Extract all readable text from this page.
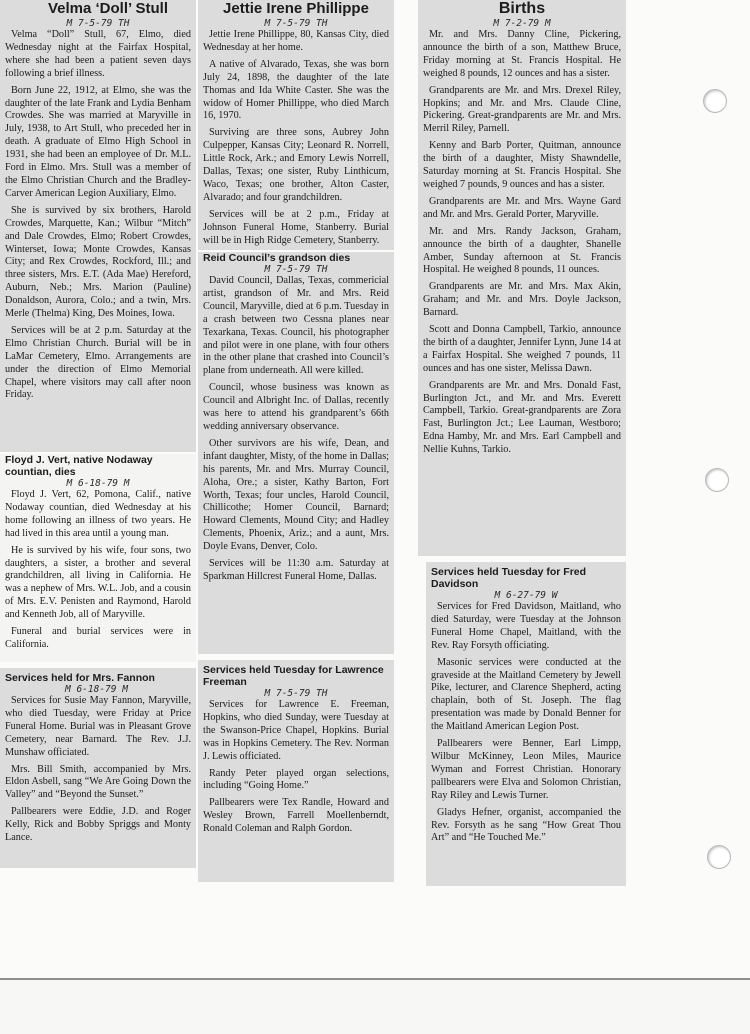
Velma ‘Doll’ Stull
M 7-5-79 TH

Velma “Doll” Stull, 67, Elmo, died Wednesday night at the Fairfax Hospital, where she had been a patient seven days following a brief illness.

Born June 22, 1912, at Elmo, she was the daughter of the late Frank and Lydia Benham Crowdes. She was married at Maryville in July, 1938, to Art Stull, who preceded her in death. A graduate of Elmo High School in 1931, she had been an employee of Dr. M.L. Ford in Elmo. Mrs. Stull was a member of the Elmo Christian Church and the Bradley-Carver American Legion Auxiliary, Elmo.

She is survived by six brothers, Harold Crowdes, Marquette, Kan.; Wilbur “Mitch” and Dale Crowdes, Elmo; Robert Crowdes, Winterset, Iowa; Monte Crowdes, Kansas City; and Rex Crowdes, Rockford, Ill.; and three sisters, Mrs. E.T. (Ada Mae) Hereford, Auburn, Neb.; Mrs. Marion (Pauline) Donaldson, Aurora, Colo.; and a twin, Mrs. Merle (Thelma) King, Des Moines, Iowa.

Services will be at 2 p.m. Saturday at the Elmo Christian Church. Burial will be in LaMar Cemetery, Elmo. Arrangements are under the direction of Elmo Memorial Chapel, where visitors may call after noon Friday.

Floyd J. Vert, native Nodaway countian, dies
M 6-18-79 M

Floyd J. Vert, 62, Pomona, Calif., native Nodaway countian, died Wednesday at his home following an illness of two years. He had lived in this area until a young man.

He is survived by his wife, four sons, two daughters, a sister, a brother and several grandchildren, all living in California. He was a nephew of Mrs. W.L. Job, and a cousin of Mrs. E.V. Penisten and Raymond, Harold and Kenneth Job, all of Maryville.

Funeral and burial services were in California.

Services held for Mrs. Fannon
M 6-18-79 M

Services for Susie May Fannon, Maryville, who died Tuesday, were Friday at Price Funeral Home. Burial was in Pleasant Grove Cemetery, near Barnard. The Rev. J.J. Munshaw officiated.

Mrs. Bill Smith, accompanied by Mrs. Eldon Asbell, sang “We Are Going Down the Valley” and “Beyond the Sunset.”

Pallbearers were Eddie, J.D. and Roger Kelly, Rick and Bobby Spriggs and Monty Lance.

Jettie Irene Phillippe
M 7-5-79 TH

Jettie Irene Phillippe, 80, Kansas City, died Wednesday at her home.

A native of Alvarado, Texas, she was born July 24, 1898, the daughter of the late Thomas and Ida White Caster. She was the widow of Homer Phillippe, who died March 16, 1970.

Surviving are three sons, Aubrey John Culpepper, Kansas City; Leonard R. Norrell, Little Rock, Ark.; and Emory Lewis Norrell, Dallas, Texas; one sister, Ruby Linthicum, Waco, Texas; one brother, Alton Caster, Alvarado; and four grandchildren.

Services will be at 2 p.m., Friday at Johnson Funeral Home, Stanberry. Burial will be in High Ridge Cemetery, Stanberry.

Reid Council’s grandson dies
M 7-5-79 TH

David Council, Dallas, Texas, commericial artist, grandson of Mr. and Mrs. Reid Council, Maryville, died at 6 p.m. Tuesday in a crash between two Cessna planes near Texarkana, Texas. Council, his photographer and pilot were in one plane, with four others in the other plane that crashed into Council’s plane from underneath. All were killed.

Council, whose business was known as Council and Albright Inc. of Dallas, recently was here to attend his grandparent’s 66th wedding anniversary observance.

Other survivors are his wife, Dean, and infant daughter, Misty, of the home in Dallas; his parents, Mr. and Mrs. Murray Council, Aloha, Ore.; a sister, Kathy Barton, Fort Worth, Texas; four uncles, Harold Council, Chillicothe; Homer Council, Barnard; Howard Clements, Mound City; and Hadley Clements, Phoenix, Ariz.; and a aunt, Mrs. Doyle Evans, Denver, Colo.

Services will be 11:30 a.m. Saturday at Sparkman Hillcrest Funeral Home, Dallas.

Services held Tuesday for Lawrence Freeman
M 7-5-79 TH

Services for Lawrence E. Freeman, Hopkins, who died Sunday, were Tuesday at the Swanson-Price Chapel, Hopkins. Burial was in Hopkins Cemetery. The Rev. Norman J. Lewis officiated.

Randy Peter played organ selections, including “Going Home.”

Pallbearers were Tex Randle, Howard and Wesley Brown, Farrell Moellenberndt, Ronald Coleman and Ralph Gordon.

Births
M 7-2-79 M

Mr. and Mrs. Danny Cline, Pickering, announce the birth of a son, Matthew Bruce, Friday morning at St. Francis Hospital. He weighed 8 pounds, 12 ounces and has a sister.

Grandparents are Mr. and Mrs. Drexel Riley, Hopkins; and Mr. and Mrs. Claude Cline, Pickering. Great-grandparents are Mr. and Mrs. Merril Riley, Parnell.

Kenny and Barb Porter, Quitman, announce the birth of a daughter, Misty Shawndelle, Saturday morning at St. Francis Hospital. She weighed 7 pounds, 9 ounces and has a sister.

Grandparents are Mr. and Mrs. Wayne Gard and Mr. and Mrs. Gerald Porter, Maryville.

Mr. and Mrs. Randy Jackson, Graham, announce the birth of a daughter, Shanelle Amber, Sunday afternoon at St. Francis Hospital. He weighed 8 pounds, 11 ounces.

Grandparents are Mr. and Mrs. Max Akin, Graham; and Mr. and Mrs. Doyle Jackson, Barnard.

Scott and Donna Campbell, Tarkio, announce the birth of a daughter, Jennifer Lynn, June 14 at a Fairfax Hospital. She weighed 7 pounds, 11 ounces and has one sister, Melissa Dawn.

Grandparents are Mr. and Mrs. Donald Fast, Burlington Jct., and Mr. and Mrs. Everett Campbell, Tarkio. Great-grandparents are Zora Fast, Burlington Jct.; Lee Lauman, Westboro; Edna Hamby, Mr. and Mrs. Earl Campbell and Nellie Kuhns, Tarkio.

Services held Tuesday for Fred Davidson
M 6-27-79 W

Services for Fred Davidson, Maitland, who died Saturday, were Tuesday at the Johnson Funeral Home Chapel, Maitland, with the Rev. Ray Forsyth officiating.

Masonic services were conducted at the graveside at the Maitland Cemetery by Jewell Pike, lecturer, and Clarence Shepherd, acting chaplain, both of St. Joseph. The flag presentation was made by Donald Benner for the Maitland American Legion Post.

Pallbearers were Benner, Earl Limpp, Wilbur McKinney, Leon Miles, Maurice Wyman and Forrest Christian. Honorary pallbearers were Elva and Solomon Christian, Ray Riley and Lewis Turner.

Gladys Hefner, organist, accompanied the Rev. Forsyth as he sang “How Great Thou Art” and “He Touched Me.”
